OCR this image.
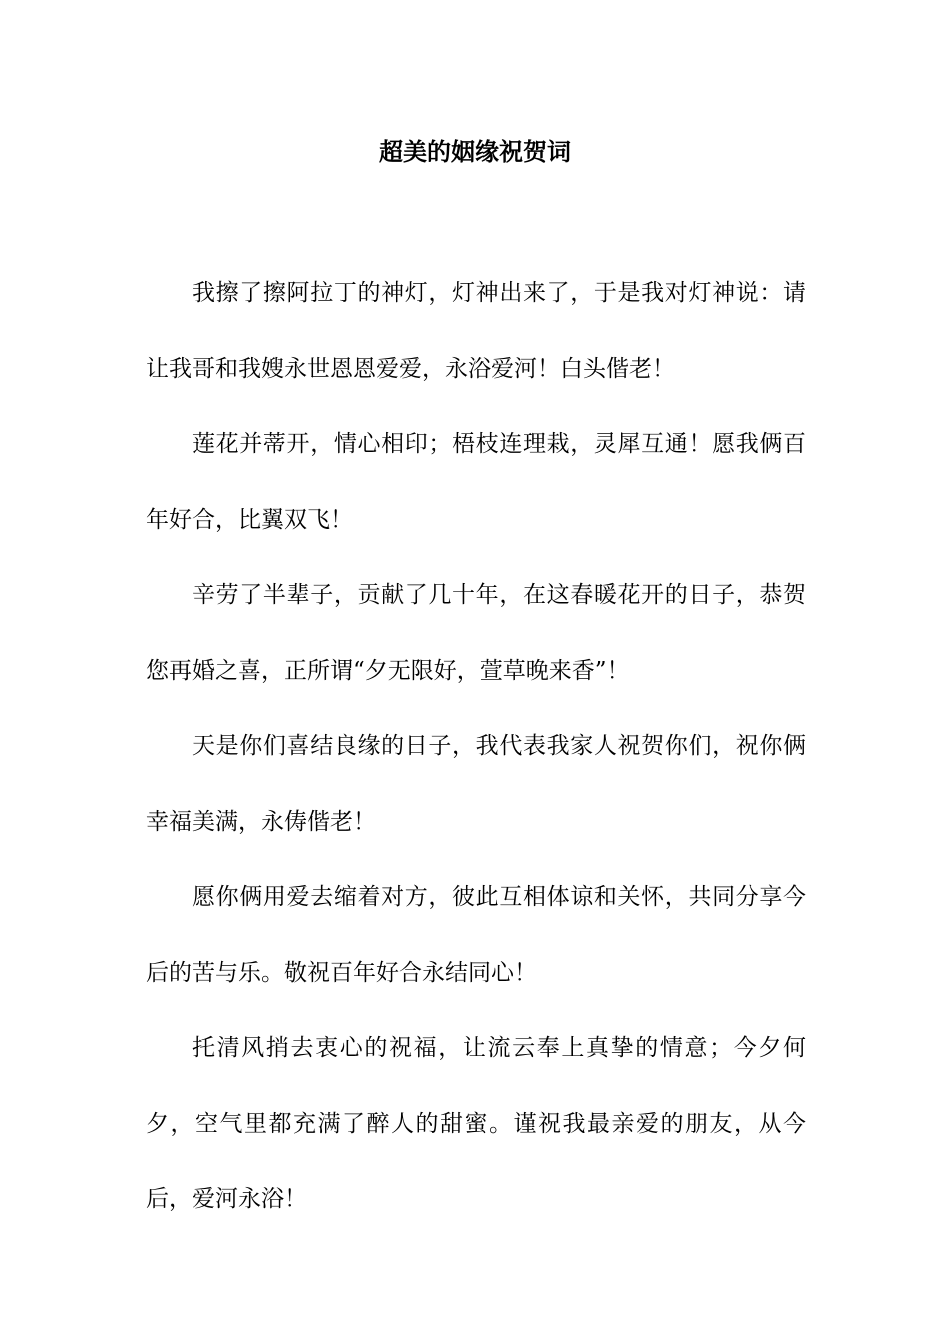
超美的姻缘祝贺词

我擦了擦阿拉丁的神灯，灯神出来了，于是我对灯神说：请让我哥和我嫂永世恩恩爱爱，永浴爱河！白头偕老！

莲花并蒂开，情心相印；梧枝连理栽，灵犀互通！愿我俩百年好合，比翼双飞！

辛劳了半辈子，贡献了几十年，在这春暖花开的日子，恭贺您再婚之喜，正所谓“夕无限好，萱草晚来香”！

天是你们喜结良缘的日子，我代表我家人祝贺你们，祝你俩幸福美满，永俦偕老！

愿你俩用爱去缩着对方，彼此互相体谅和关怀，共同分享今后的苦与乐。敬祝百年好合永结同心！

托清风捎去衷心的祝福，让流云奉上真挚的情意；今夕何夕，空气里都充满了醉人的甜蜜。谨祝我最亲爱的朋友，从今后，爱河永浴！
